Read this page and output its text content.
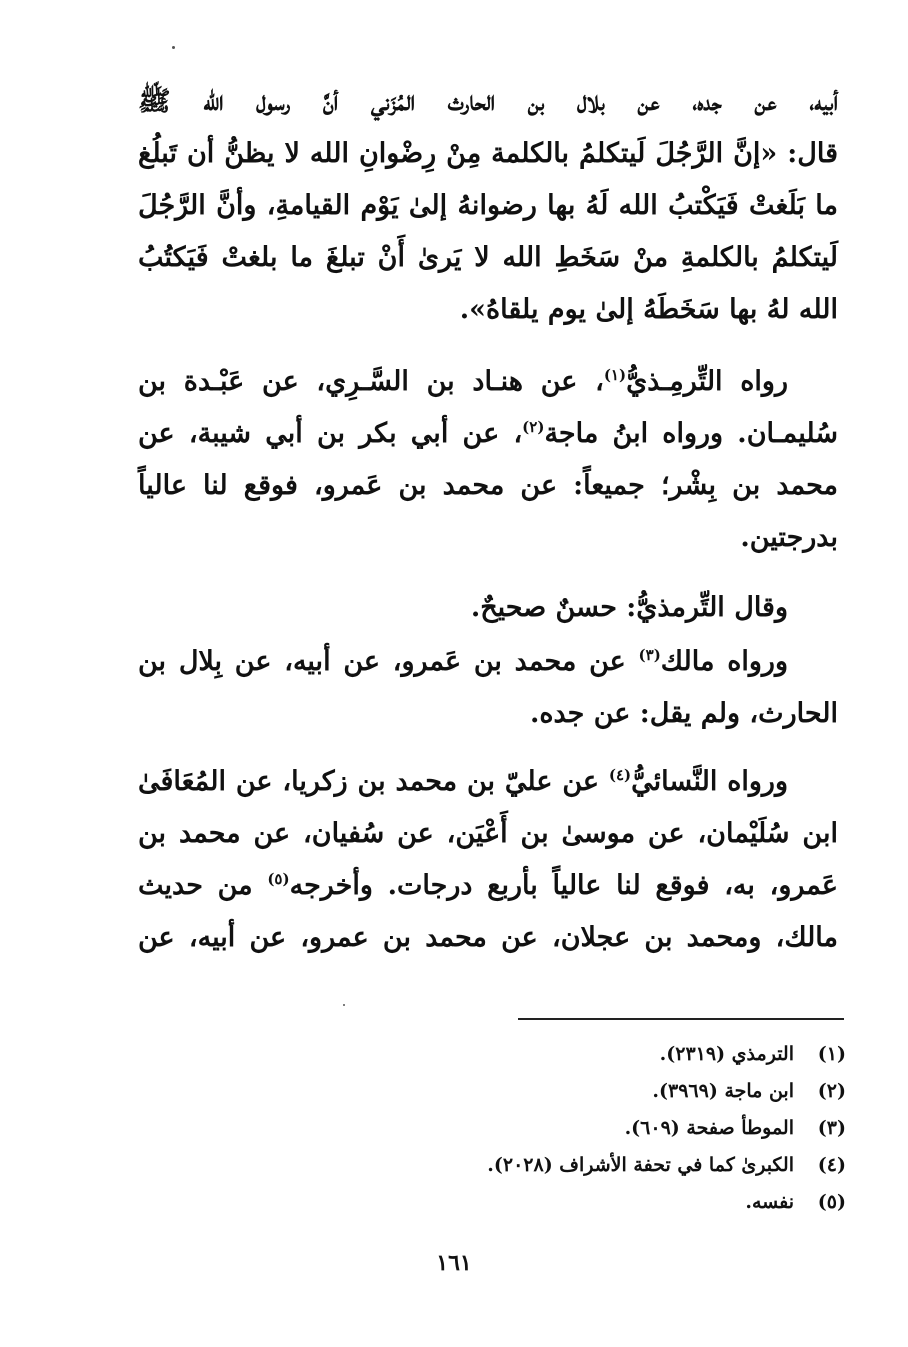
أبيه، عن جده، عن بلال بن الحارث المُزَني أنَّ رسول الله ﷺ
قال: «إنَّ الرَّجُلَ لَيتكلمُ بالكلمة مِنْ رِضْوانِ الله لا يظنُّ أن تَبلُغ
ما بَلَغتْ فَيَكْتبُ الله لَهُ بها رضوانهُ إلىٰ يَوْم القيامةِ، وأنَّ الرَّجُلَ
لَيتكلمُ بالكلمةِ منْ سَخَطِ الله لا يَرىٰ أَنْ تبلغَ ما بلغتْ فَيَكتُبُ
الله لهُ بها سَخَطَهُ إلىٰ يوم يلقاهُ».
رواه التِّرمِـذيُّ$^{(١)}$، عن هنـاد بن السَّـرِي، عن عَبْـدة بن
سُليمـان. ورواه ابنُ ماجة$^{(٢)}$، عن أبي بكر بن أبي شيبة، عن
محمد بن بِشْر؛ جميعاً: عن محمد بن عَمرو، فوقع لنا عالياً
بدرجتين.
وقال التِّرمذيُّ: حسنٌ صحيحٌ.
ورواه مالك$^{(٣)}$ عن محمد بن عَمرو، عن أبيه، عن بِلال بن
الحارث، ولم يقل: عن جده.
ورواه النَّسائيُّ$^{(٤)}$ عن عليّ بن محمد بن زكريا، عن المُعَافَىٰ
ابن سُلَيْمان، عن موسىٰ بن أَعْيَن، عن سُفيان، عن محمد بن
عَمرو، به، فوقع لنا عالياً بأربع درجات. وأخرجه$^{(٥)}$ من حديث
مالك، ومحمد بن عجلان، عن محمد بن عمرو، عن أبيه، عن
(١)الترمذي (٢٣١٩).
(٢)ابن ماجة (٣٩٦٩).
(٣)الموطأ صفحة (٦٠٩).
(٤)الكبرىٰ كما في تحفة الأشراف (٢٠٢٨).
(٥)نفسه.
١٦١
